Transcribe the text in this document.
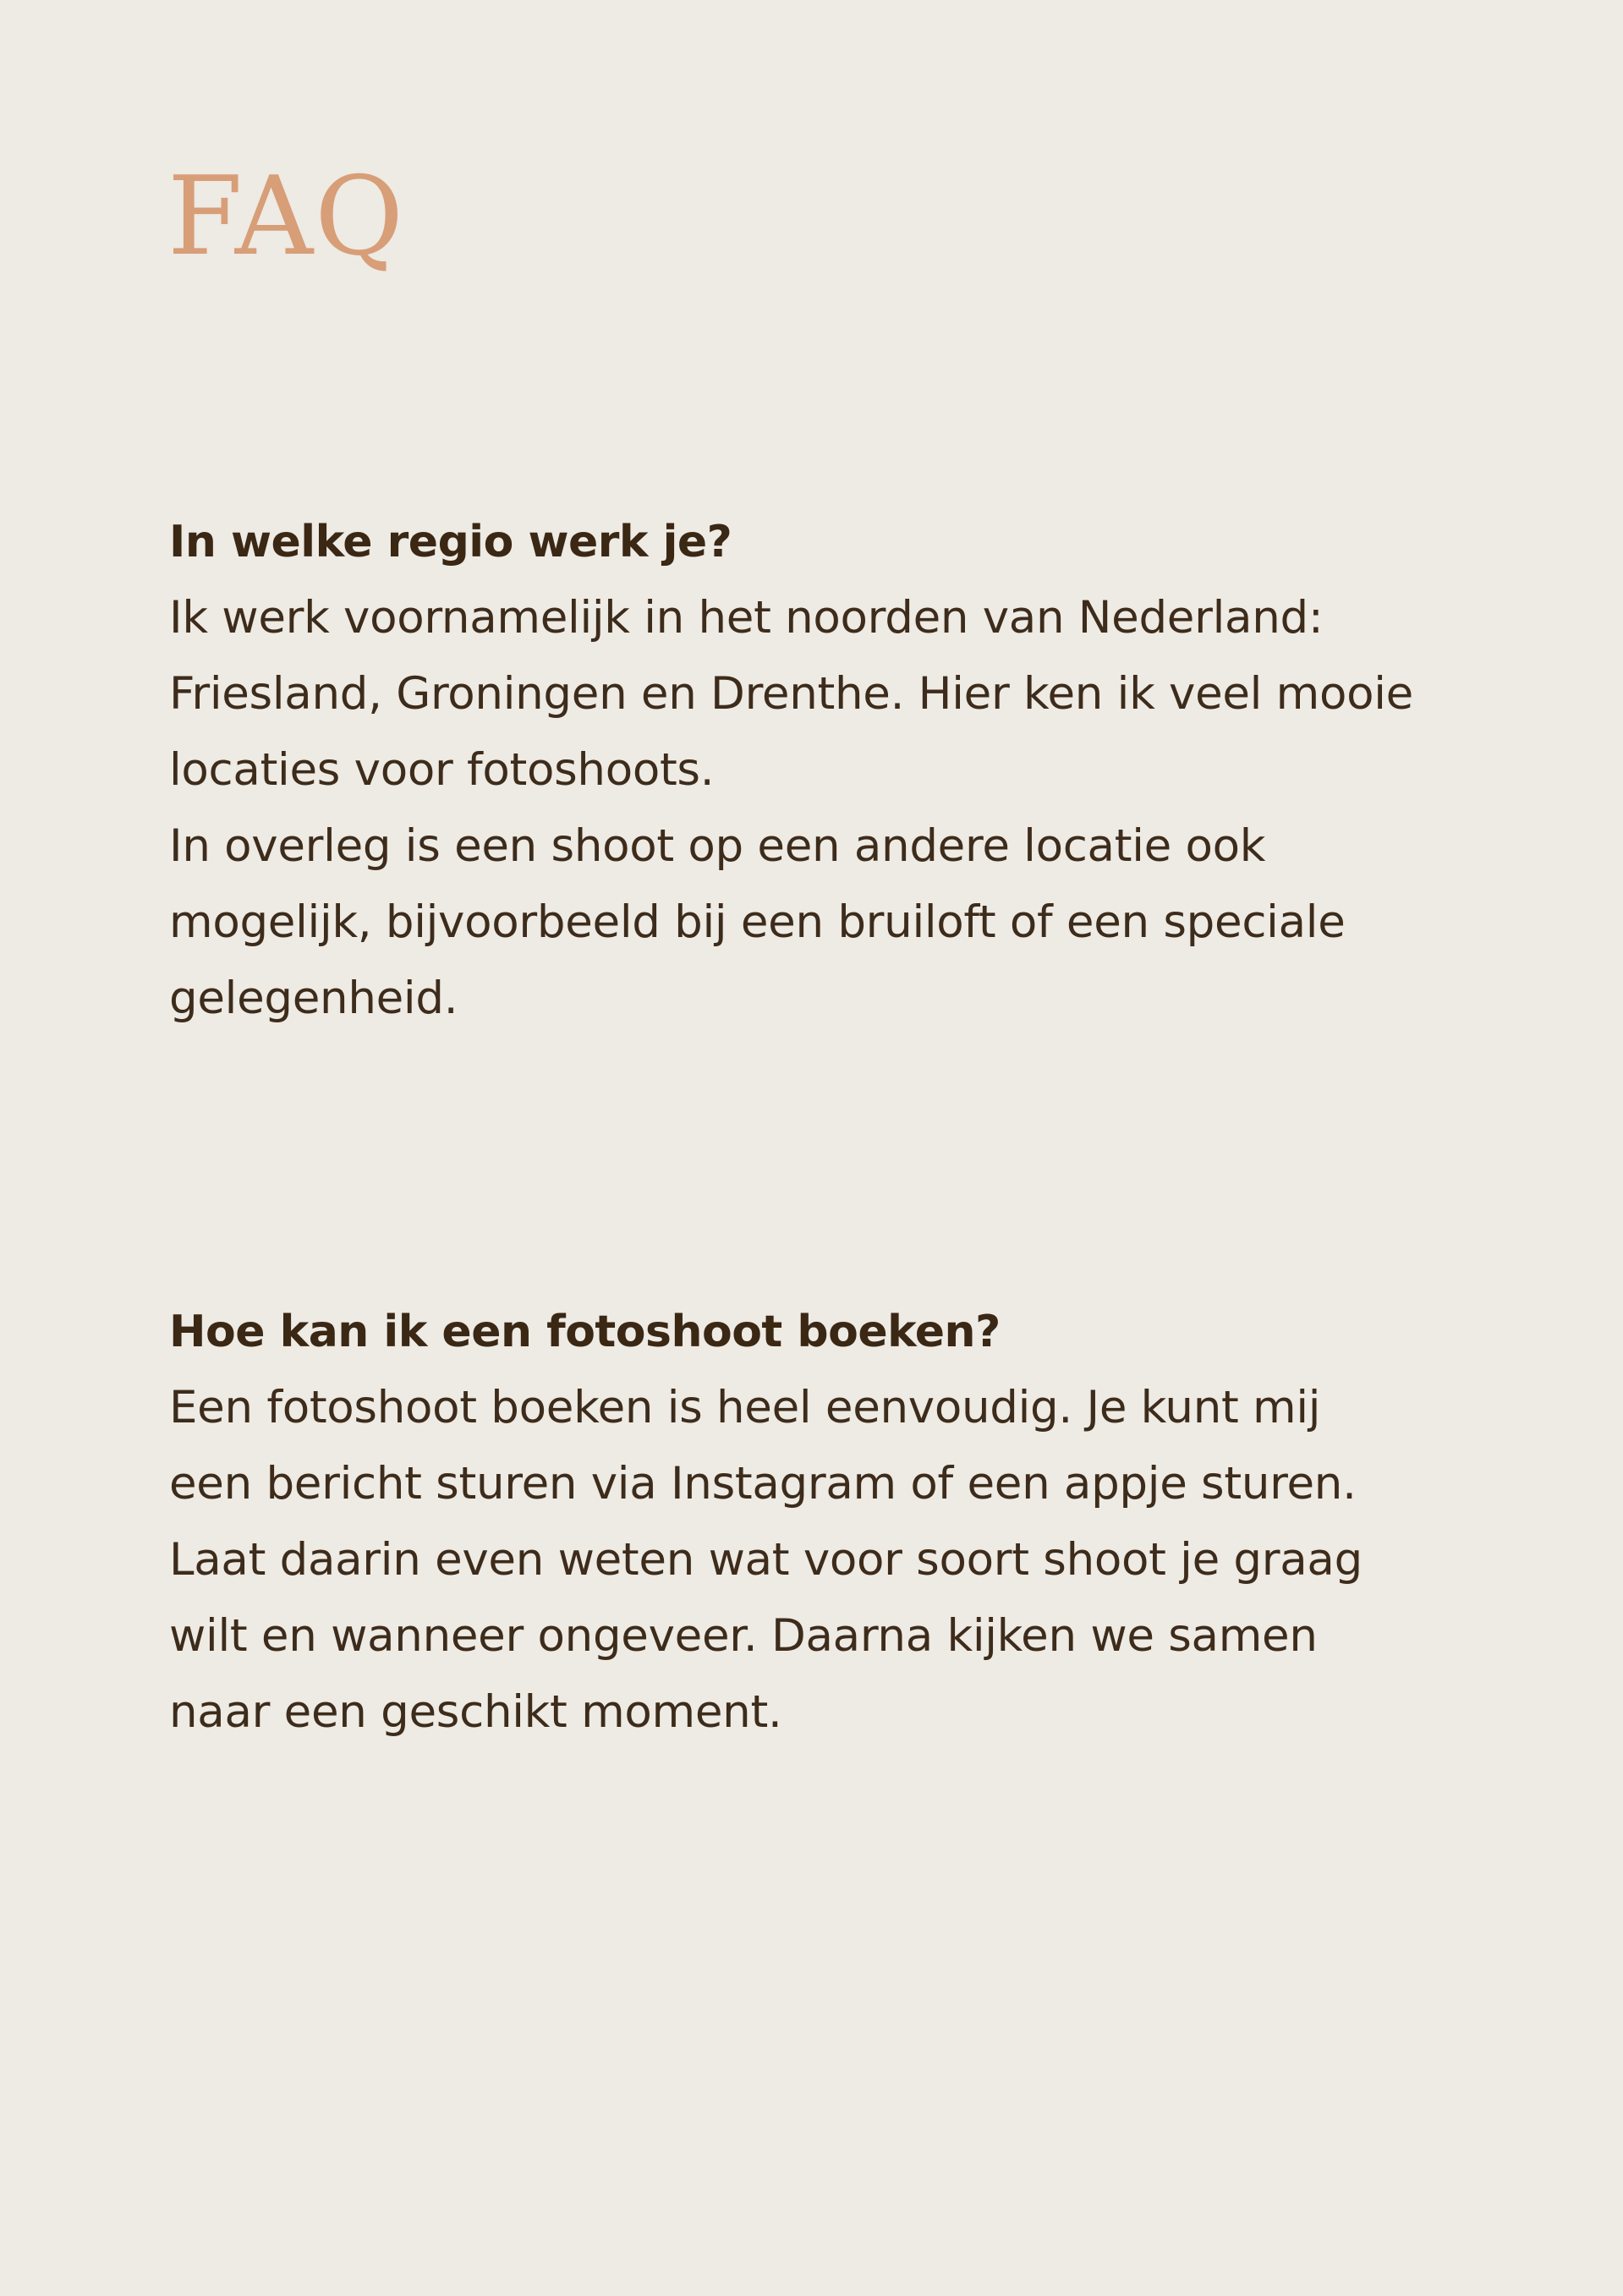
FAQ
In welke regio werk je?

Ik werk voornamelijk in het noorden van Nederland:
Friesland, Groningen en Drenthe. Hier ken ik veel mooie
locaties voor fotoshoots.
In overleg is een shoot op een andere locatie ook
mogelijk, bijvoorbeeld bij een bruiloft of een speciale
gelegenheid.

Hoe kan ik een fotoshoot boeken?

Een fotoshoot boeken is heel eenvoudig. Je kunt mij
een bericht sturen via Instagram of een appje sturen.
Laat daarin even weten wat voor soort shoot je graag
wilt en wanneer ongeveer. Daarna kijken we samen
naar een geschikt moment.
